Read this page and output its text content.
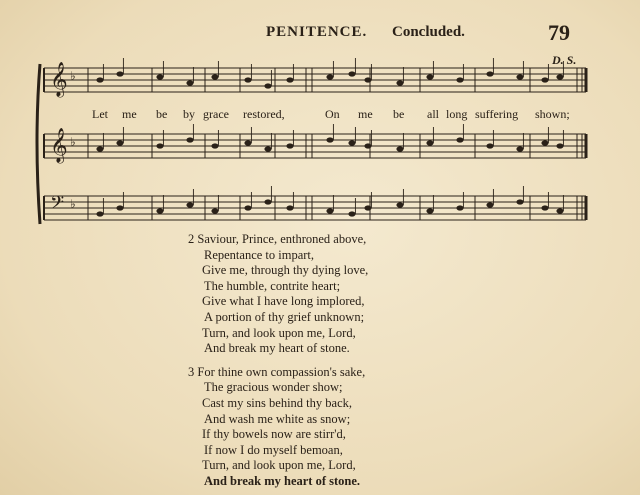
PENITENCE. Concluded.	79
D. S.
𝄞 ♭
𝄞 ♭
𝄢 ♭
Let me be by grace restored,	On me be all long suffering shown;
2 Saviour, Prince, enthroned above,
Repentance to impart,
Give me, through thy dying love,
The humble, contrite heart;
Give what I have long implored,
A portion of thy grief unknown;
Turn, and look upon me, Lord,
And break my heart of stone.
3 For thine own compassion's sake,
The gracious wonder show;
Cast my sins behind thy back,
And wash me white as snow;
If thy bowels now are stirr'd,
If now I do myself bemoan,
Turn, and look upon me, Lord,
And break my heart of stone.
